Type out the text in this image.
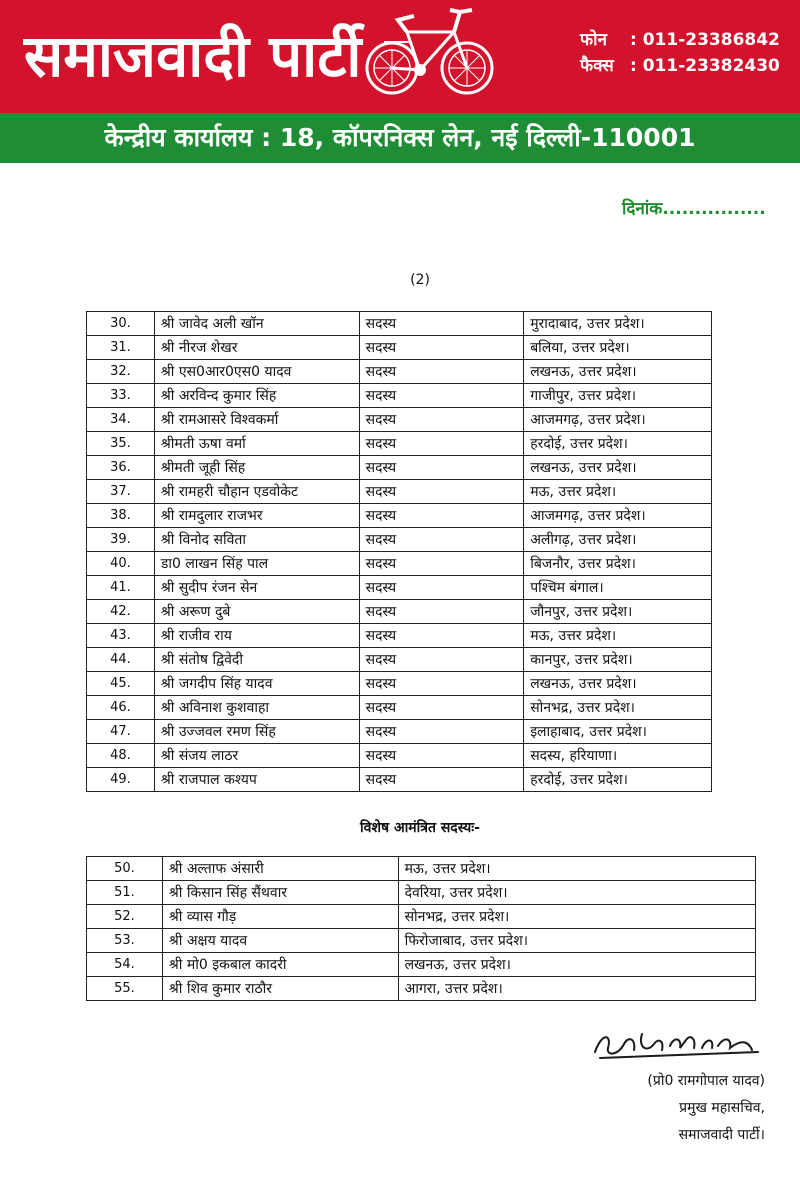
समाजवादी पार्टी	फोन	: 011-23386842
फैक्स : 011-23382430
केन्द्रीय कार्यालय : 18, कॉपरनिक्स लेन, नई दिल्ली-110001
दिनांक................
(2)
30.	श्री जावेद अली खॉन	सदस्य	मुरादाबाद, उत्तर प्रदेश।
31.	श्री नीरज शेखर	सदस्य	बलिया, उत्तर प्रदेश।
32.	श्री एस0आर0एस0 यादव	सदस्य	लखनऊ, उत्तर प्रदेश।
33.	श्री अरविन्द कुमार सिंह	सदस्य	गाजीपुर, उत्तर प्रदेश।
34.	श्री रामआसरे विश्वकर्मा	सदस्य	आजमगढ़, उत्तर प्रदेश।
35.	श्रीमती ऊषा वर्मा	सदस्य	हरदोई, उत्तर प्रदेश।
36.	श्रीमती जूही सिंह	सदस्य	लखनऊ, उत्तर प्रदेश।
37.	श्री रामहरी चौहान एडवोकेट	सदस्य	मऊ, उत्तर प्रदेश।
38.	श्री रामदुलार राजभर	सदस्य	आजमगढ़, उत्तर प्रदेश।
39.	श्री विनोद सविता	सदस्य	अलीगढ़, उत्तर प्रदेश।
40.	डा0 लाखन सिंह पाल	सदस्य	बिजनौर, उत्तर प्रदेश।
41.	श्री सुदीप रंजन सेन	सदस्य	पश्चिम बंगाल।
42.	श्री अरूण दुबे	सदस्य	जौनपुर, उत्तर प्रदेश।
43.	श्री राजीव राय	सदस्य	मऊ, उत्तर प्रदेश।
44.	श्री संतोष द्विवेदी	सदस्य	कानपुर, उत्तर प्रदेश।
45.	श्री जगदीप सिंह यादव	सदस्य	लखनऊ, उत्तर प्रदेश।
46.	श्री अविनाश कुशवाहा	सदस्य	सोनभद्र, उत्तर प्रदेश।
47.	श्री उज्जवल रमण सिंह	सदस्य	इलाहाबाद, उत्तर प्रदेश।
48.	श्री संजय लाठर	सदस्य	सदस्य, हरियाणा।
49.	श्री राजपाल कश्यप	सदस्य	हरदोई, उत्तर प्रदेश।
विशेष आमंत्रित सदस्यः-
50.	श्री अल्ताफ अंसारी	मऊ, उत्तर प्रदेश।
51.	श्री किसान सिंह सैंथवार	देवरिया, उत्तर प्रदेश।
52.	श्री व्यास गौड़	सोनभद्र, उत्तर प्रदेश।
53.	श्री अक्षय यादव	फिरोजाबाद, उत्तर प्रदेश।
54.	श्री मो0 इकबाल कादरी	लखनऊ, उत्तर प्रदेश।
55.	श्री शिव कुमार राठौर	आगरा, उत्तर प्रदेश।
(प्रो0 रामगोपाल यादव)
प्रमुख महासचिव,
समाजवादी पार्टी।
